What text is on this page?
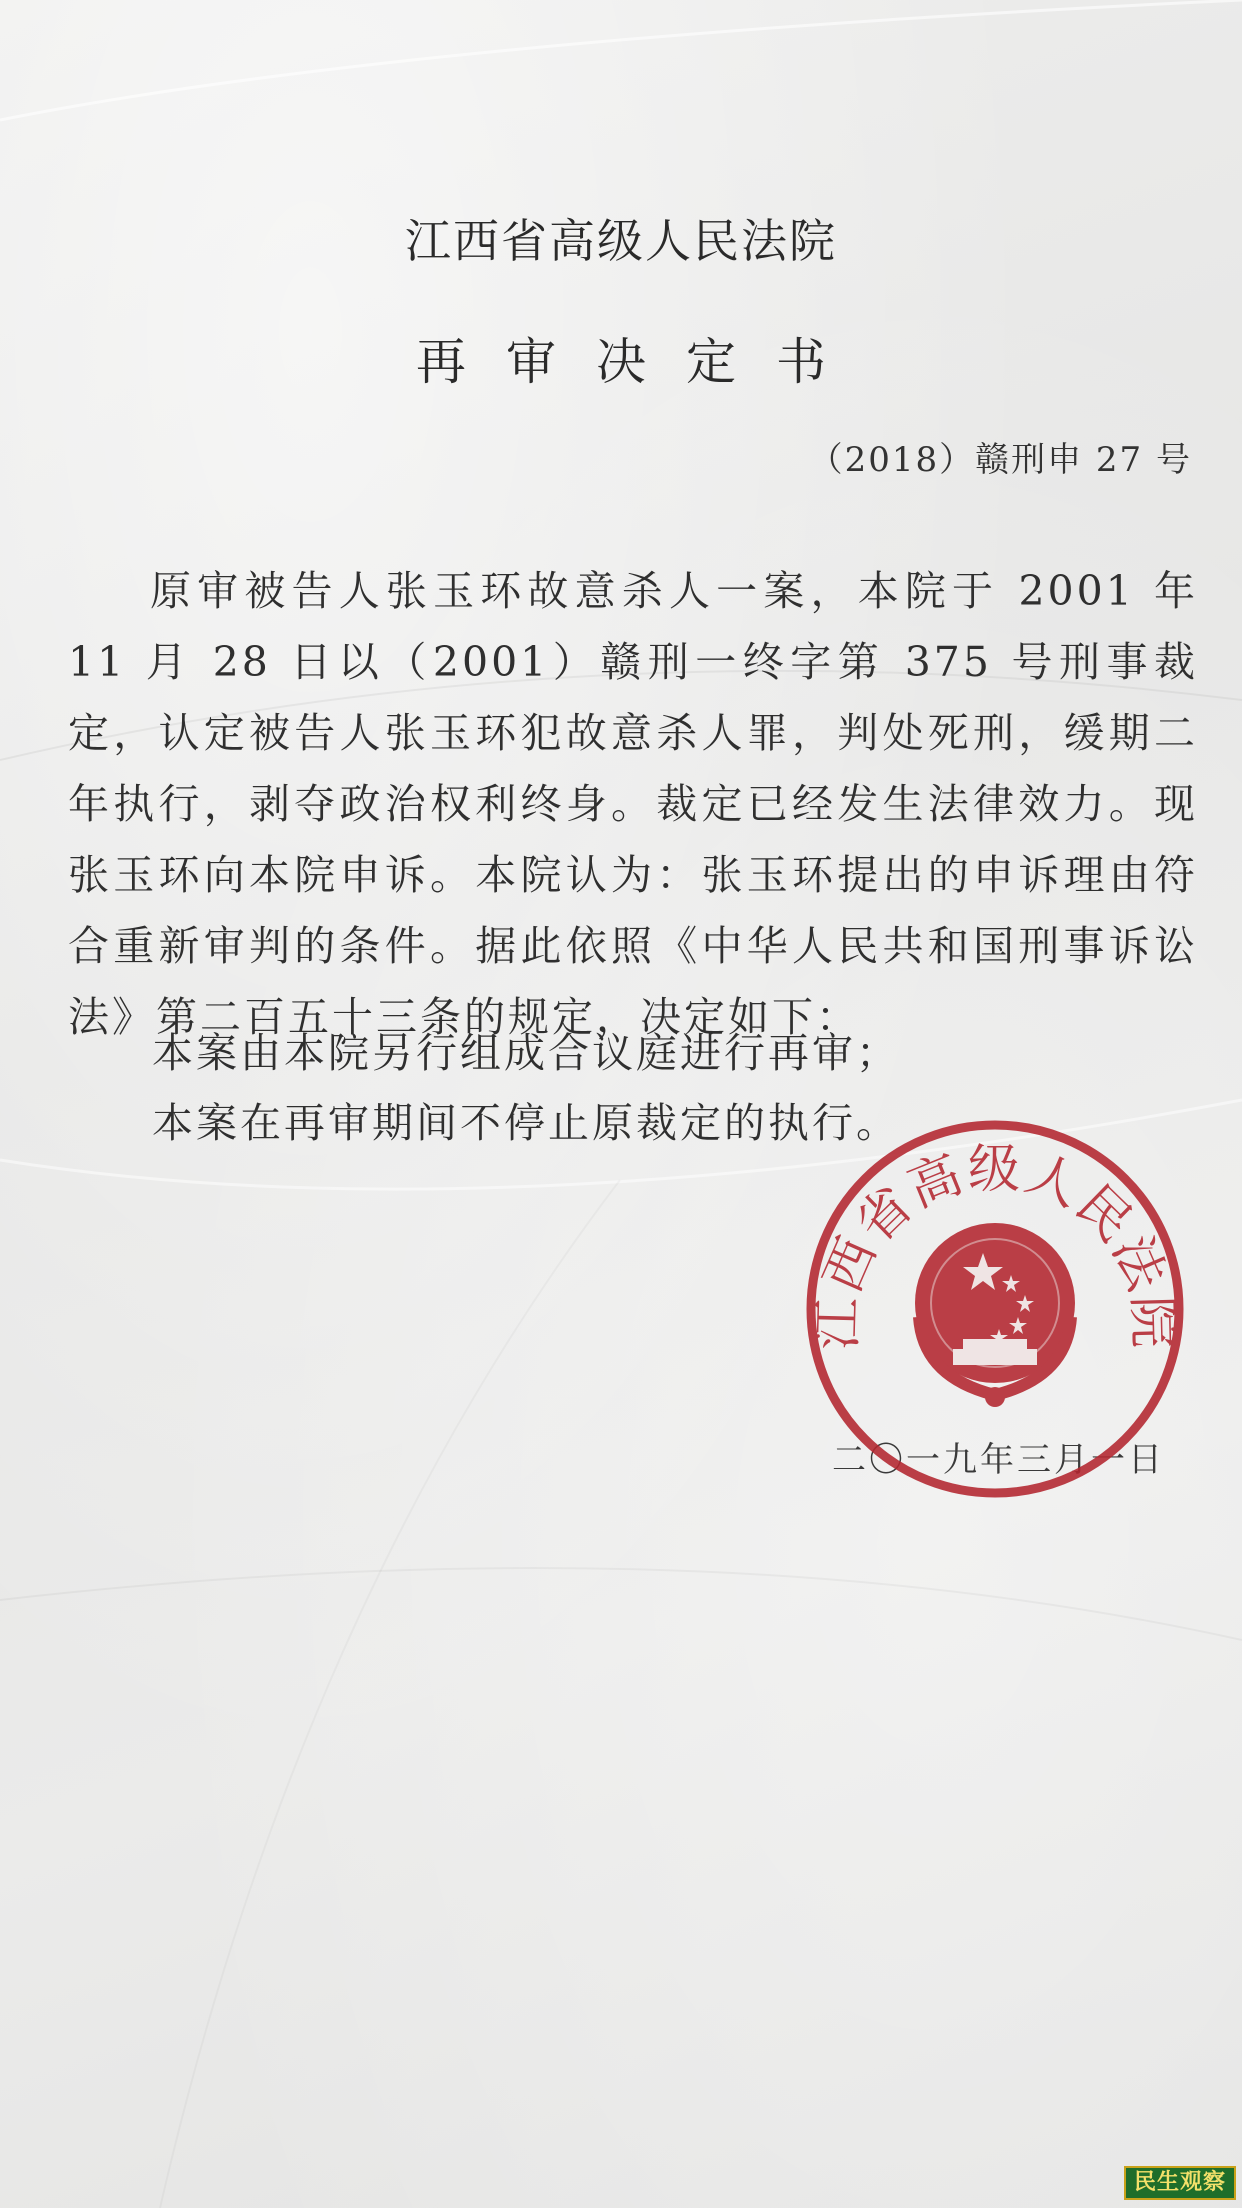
江西省高级人民法院
再审决定书
（2018）赣刑申 27 号
原审被告人张玉环故意杀人一案，本院于 2001 年 11 月 28 日以（2001）赣刑一终字第 375 号刑事裁定，认定被告人张玉环犯故意杀人罪，判处死刑，缓期二年执行，剥夺政治权利终身。裁定已经发生法律效力。现张玉环向本院申诉。本院认为：张玉环提出的申诉理由符合重新审判的条件。据此依照《中华人民共和国刑事诉讼法》第二百五十三条的规定，决定如下：
本案由本院另行组成合议庭进行再审；
本案在再审期间不停止原裁定的执行。
二〇一九年三月一日
江西省高级人民法院
民生观察
